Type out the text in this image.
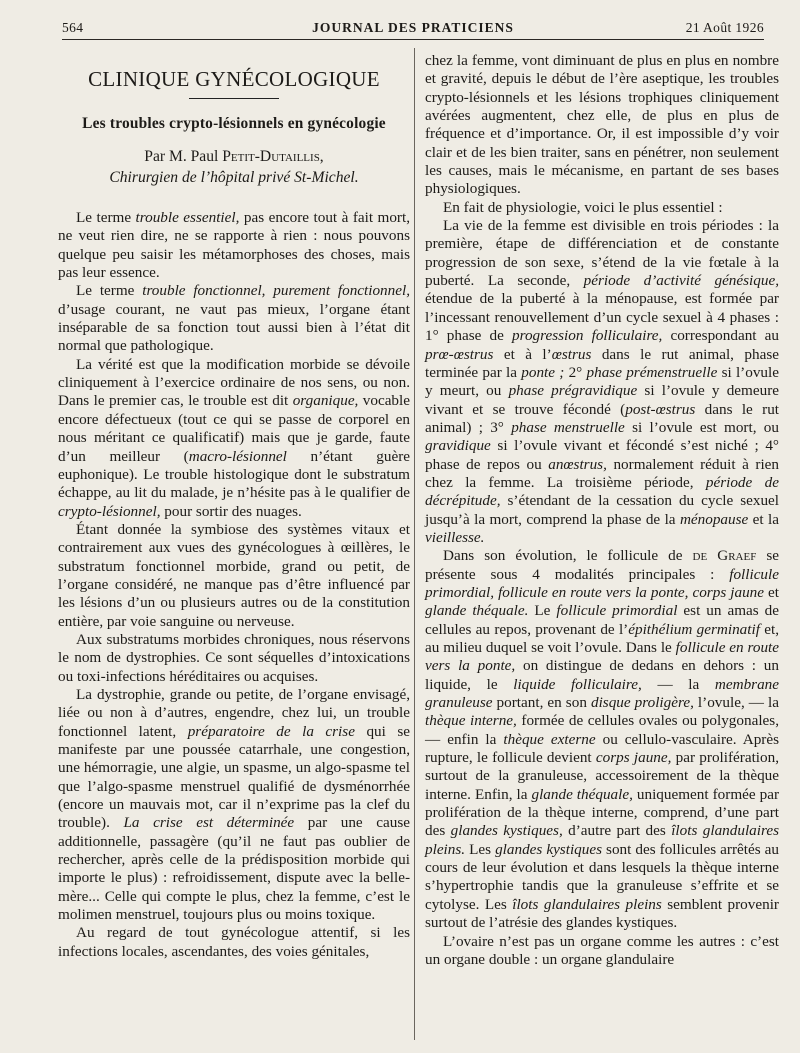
564	JOURNAL DES PRATICIENS	21 Août 1926
CLINIQUE GYNÉCOLOGIQUE
Les troubles crypto-lésionnels en gynécologie
Par M. Paul Petit-Dutaillis,
Chirurgien de l’hôpital privé St-Michel.

Le terme trouble essentiel, pas encore tout à fait mort, ne veut rien dire, ne se rapporte à rien : nous pouvons quelque peu saisir les métamorphoses des choses, mais pas leur essence.

Le terme trouble fonctionnel, purement fonctionnel, d’usage courant, ne vaut pas mieux, l’organe étant inséparable de sa fonction tout aussi bien à l’état dit normal que pathologique.

La vérité est que la modification morbide se dévoile cliniquement à l’exercice ordinaire de nos sens, ou non. Dans le premier cas, le trouble est dit organique, vocable encore défectueux (tout ce qui se passe de corporel en nous méritant ce qualificatif) mais que je garde, faute d’un meilleur (macro-lésionnel n’étant guère euphonique). Le trouble histologique dont le substratum échappe, au lit du malade, je n’hésite pas à le qualifier de crypto-lésionnel, pour sortir des nuages.

Étant donnée la symbiose des systèmes vitaux et contrairement aux vues des gynécologues à œillères, le substratum fonctionnel morbide, grand ou petit, de l’organe considéré, ne manque pas d’être influencé par les lésions d’un ou plusieurs autres ou de la constitution entière, par voie sanguine ou nerveuse.

Aux substratums morbides chroniques, nous réservons le nom de dystrophies. Ce sont séquelles d’intoxications ou toxi-infections héréditaires ou acquises.

La dystrophie, grande ou petite, de l’organe envisagé, liée ou non à d’autres, engendre, chez lui, un trouble fonctionnel latent, préparatoire de la crise qui se manifeste par une poussée catarrhale, une congestion, une hémorragie, une algie, un spasme, un algo-spasme tel que l’algo-spasme menstruel qualifié de dysménorrhée (encore un mauvais mot, car il n’exprime pas la clef du trouble). La crise est déterminée par une cause additionnelle, passagère (qu’il ne faut pas oublier de rechercher, après celle de la prédisposition morbide qui importe le plus) : refroidissement, dispute avec la belle-mère... Celle qui compte le plus, chez la femme, c’est le molimen menstruel, toujours plus ou moins toxique.

Au regard de tout gynécologue attentif, si les infections locales, ascendantes, des voies génitales,

chez la femme, vont diminuant de plus en plus en nombre et gravité, depuis le début de l’ère aseptique, les troubles crypto-lésionnels et les lésions trophiques cliniquement avérées augmentent, chez elle, de plus en plus de fréquence et d’importance. Or, il est impossible d’y voir clair et de les bien traiter, sans en pénétrer, non seulement les causes, mais le mécanisme, en partant de ses bases physiologiques.

En fait de physiologie, voici le plus essentiel :

La vie de la femme est divisible en trois périodes : la première, étape de différenciation et de constante progression de son sexe, s’étend de la vie fœtale à la puberté. La seconde, période d’activité génésique, étendue de la puberté à la ménopause, est formée par l’incessant renouvellement d’un cycle sexuel à 4 phases : 1° phase de progression folliculaire, correspondant au prœ-œstrus et à l’œstrus dans le rut animal, phase terminée par la ponte ; 2° phase prémenstruelle si l’ovule y meurt, ou phase prégravidique si l’ovule y demeure vivant et se trouve fécondé (post-œstrus dans le rut animal) ; 3° phase menstruelle si l’ovule est mort, ou gravidique si l’ovule vivant et fécondé s’est niché ; 4° phase de repos ou anœstrus, normalement réduit à rien chez la femme. La troisième période, période de décrépitude, s’étendant de la cessation du cycle sexuel jusqu’à la mort, comprend la phase de la ménopause et la vieillesse.

Dans son évolution, le follicule de de Graef se présente sous 4 modalités principales : follicule primordial, follicule en route vers la ponte, corps jaune et glande théquale. Le follicule primordial est un amas de cellules au repos, provenant de l’épithélium germinatif et, au milieu duquel se voit l’ovule. Dans le follicule en route vers la ponte, on distingue de dedans en dehors : un liquide, le liquide folliculaire, — la membrane granuleuse portant, en son disque proligère, l’ovule, — la thèque interne, formée de cellules ovales ou polygonales, — enfin la thèque externe ou cellulo-vasculaire. Après rupture, le follicule devient corps jaune, par prolifération, surtout de la granuleuse, accessoirement de la thèque interne. Enfin, la glande théquale, uniquement formée par prolifération de la thèque interne, comprend, d’une part des glandes kystiques, d’autre part des îlots glandulaires pleins. Les glandes kystiques sont des follicules arrêtés au cours de leur évolution et dans lesquels la thèque interne s’hypertrophie tandis que la granuleuse s’effrite et se cytolyse. Les îlots glandulaires pleins semblent provenir surtout de l’atrésie des glandes kystiques.

L’ovaire n’est pas un organe comme les autres : c’est un organe double : un organe glandulaire
